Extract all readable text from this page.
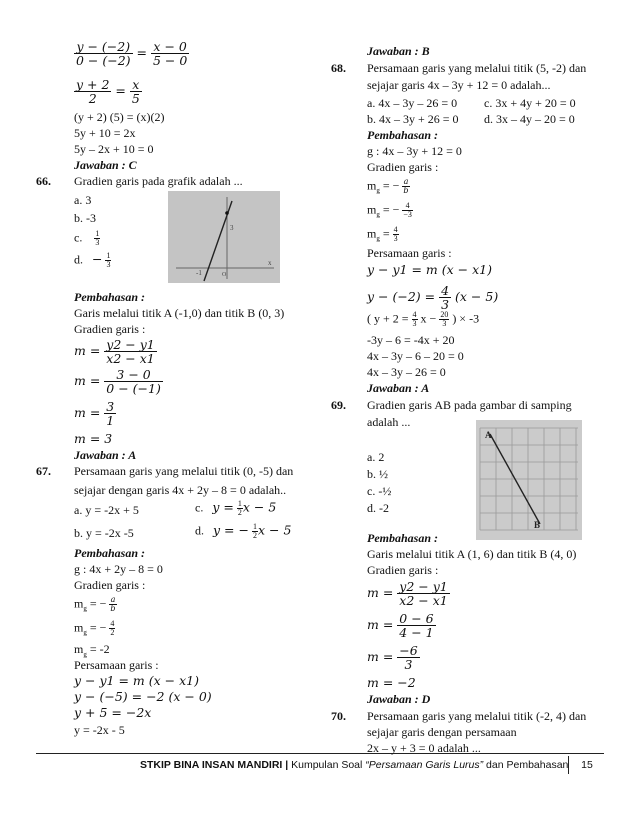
$\frac{y - (-2)}{0 - (-2)} = \frac{x - 0}{5 - 0}$
$\frac{y + 2}{2} = \frac{x}{5}$
(y + 2) (5) = (x)(2)
5y + 10 = 2x
5y – 2x + 10 = 0
Jawaban : C
66. Gradien garis pada grafik adalah ...
a. 3
b. -3
c. $\frac{1}{3}$
d. − $\frac{1}{3}$
3
-1	O
x
Pembahasan :
Garis melalui titik A (-1,0) dan titik B (0, 3)
Gradien garis :
$m = \frac{y2 - y1}{x2 - x1}$
$m = \frac{3 - 0}{0 - (-1)}$
$m = \frac{3}{1}$
m = 3
Jawaban : A
67. Persamaan garis yang melalui titik (0, -5) dan
sejajar dengan garis 4x + 2y – 8 = 0 adalah..
a. y = -2x + 5	c. $y = \frac{1}{2}$ x − 5
b. y = -2x -5	d. y = − $\frac{1}{2}$ x − 5
Pembahasan :
g : 4x + 2y – 8 = 0
Gradien garis :
$m_g$ = − $\frac{a}{b}$
$m_g$ = − $\frac{4}{2}$
$m_g = -2$
Persamaan garis :
y − y1 = m (x − x1)
y − (−5) = −2 (x − 0)
y + 5 = −2x
y = -2x - 5
Jawaban : B
68. Persamaan garis yang melalui titik (5, -2) dan
sejajar garis 4x – 3y + 12 = 0 adalah...
a. 4x – 3y – 26 = 0 c. 3x + 4y + 20 = 0
b. 4x – 3y + 26 = 0 d. 3x – 4y – 20 = 0
Pembahasan :
g : 4x – 3y + 12 = 0
Gradien garis :
$m_g$ = − $\frac{a}{b}$
$m_g$ = − $\frac{4}{-3}$
$m_g = \frac{4}{3}$
Persamaan garis :
y − y1 = m (x − x1)
$y - (-2) = \frac{4}{3} (x - 5)$
( $y + 2 = \frac{4}{3}$ $x - \frac{20}{3}$ ) × -3
-3y – 6 = -4x + 20
4x – 3y – 6 – 20 = 0
4x – 3y – 26 = 0
Jawaban : A
69. Gradien garis AB pada gambar di samping
adalah ...
a. 2
b. ½
c. -½
d. -2
A
B
Pembahasan :
Garis melalui titik A (1, 6) dan titik B (4, 0)
Gradien garis :
$m = \frac{y2 - y1}{x2 - x1}$
$m = \frac{0 - 6}{4 - 1}$
$m = \frac{-6}{3}$
m = −2
Jawaban : D
70. Persamaan garis yang melalui titik (-2, 4) dan
sejajar garis dengan persamaan
2x – y + 3 = 0 adalah ...
STKIP BINA INSAN MANDIRI | Kumpulan Soal “Persamaan Garis Lurus” dan Pembahasan	15
